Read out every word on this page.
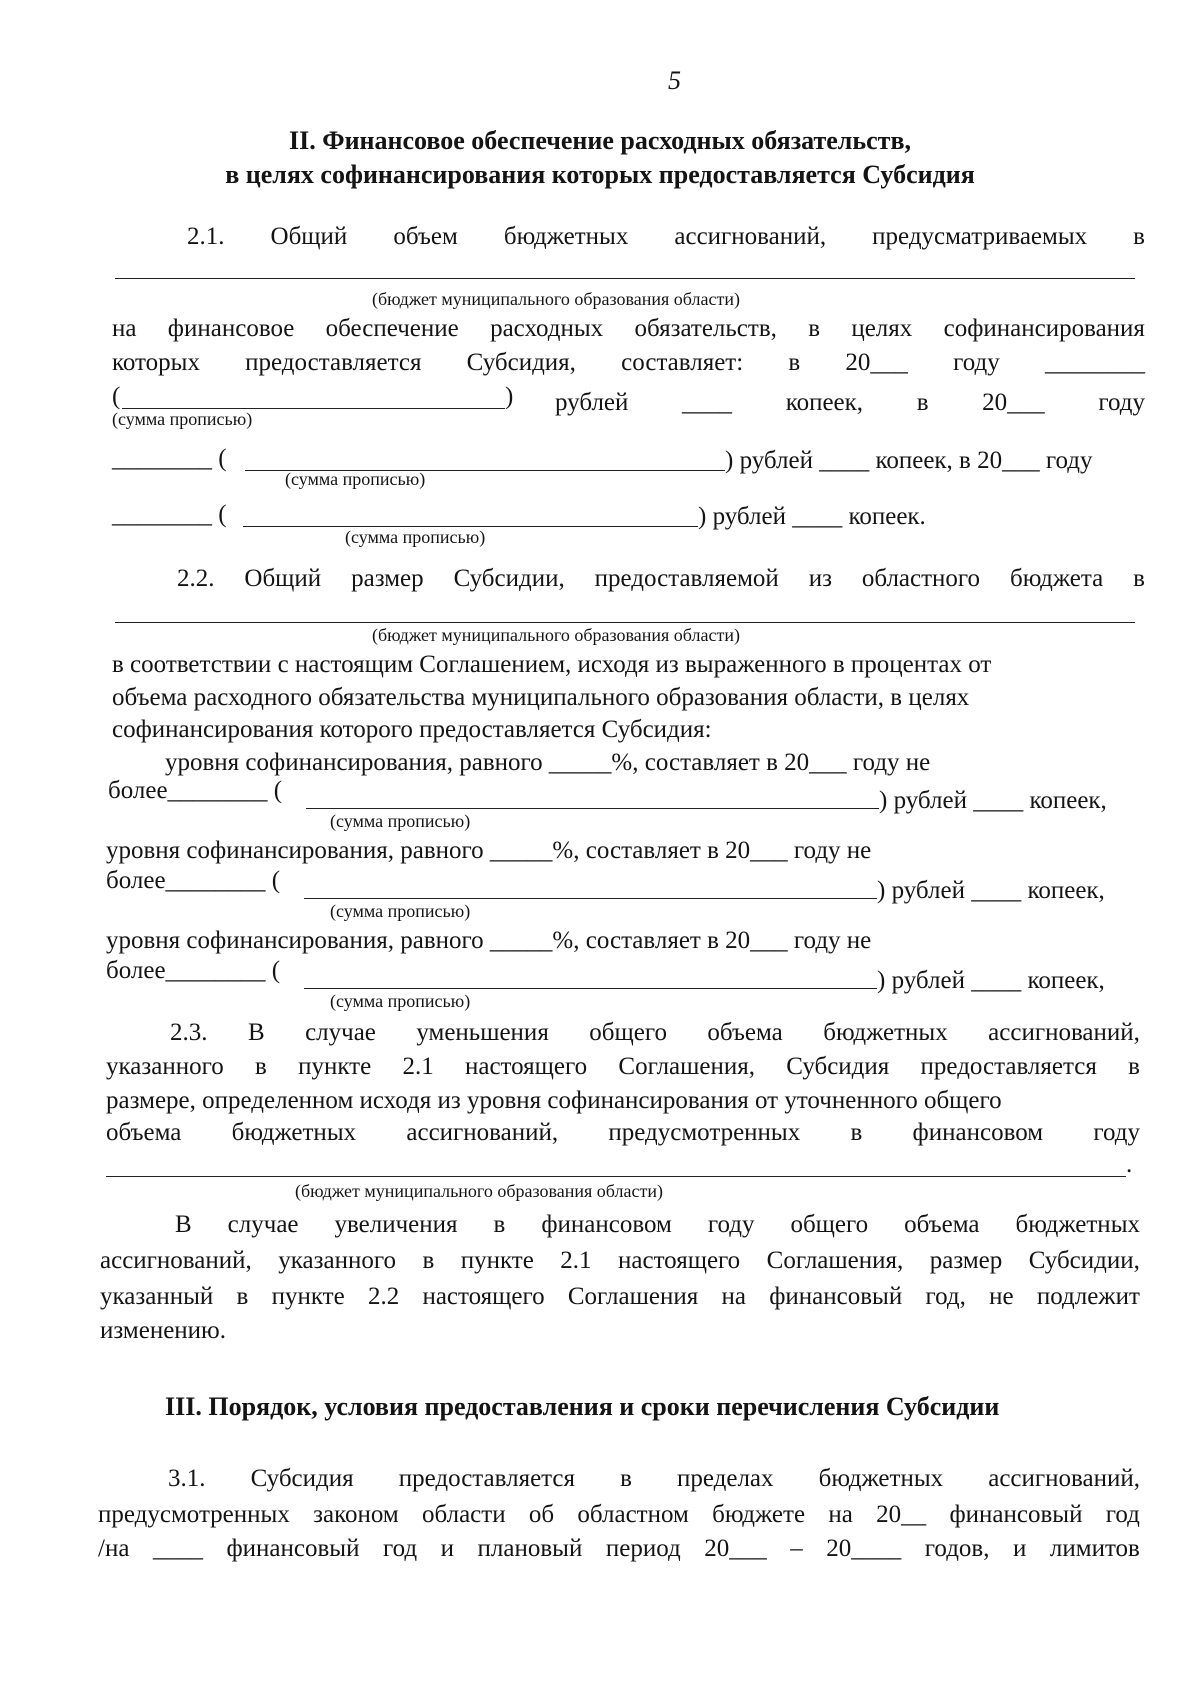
5
II. Финансовое обеспечение расходных обязательств,
в целях софинансирования которых предоставляется Субсидия
2.1. Общий объем бюджетных ассигнований, предусматриваемых в
(бюджет муниципального образования области)
на финансовое обеспечение расходных обязательств, в целях софинансирования
которых предоставляется Субсидия, составляет: в 20___ году ________
(	) рублей ____ копеек, в 20___ году
(сумма прописью)
________ (	) рублей ____ копеек, в 20___ году
(сумма прописью)
________ (	) рублей ____ копеек.
(сумма прописью)
2.2. Общий размер Субсидии, предоставляемой из областного бюджета в
(бюджет муниципального образования области)
в соответствии с настоящим Соглашением, исходя из выраженного в процентах от
объема расходного обязательства муниципального образования области, в целях
софинансирования которого предоставляется Субсидия:
уровня софинансирования, равного _____%, составляет в 20___ году не
более________ (	) рублей ____ копеек,
(сумма прописью)
уровня софинансирования, равного _____%, составляет в 20___ году не
более________ (	) рублей ____ копеек,
(сумма прописью)
уровня софинансирования, равного _____%, составляет в 20___ году не
более________ (	) рублей ____ копеек,
(сумма прописью)
2.3. В случае уменьшения общего объема бюджетных ассигнований,
указанного в пункте 2.1 настоящего Соглашения, Субсидия предоставляется в
размере, определенном исходя из уровня софинансирования от уточненного общего
объема бюджетных ассигнований, предусмотренных в финансовом году
.
(бюджет муниципального образования области)
В случае увеличения в финансовом году общего объема бюджетных
ассигнований, указанного в пункте 2.1 настоящего Соглашения, размер Субсидии,
указанный в пункте 2.2 настоящего Соглашения на финансовый год, не подлежит
изменению.
III. Порядок, условия предоставления и сроки перечисления Субсидии
3.1. Субсидия предоставляется в пределах бюджетных ассигнований,
предусмотренных законом области об областном бюджете на 20__ финансовый год
/на ____ финансовый год и плановый период 20___ – 20____ годов, и лимитов
